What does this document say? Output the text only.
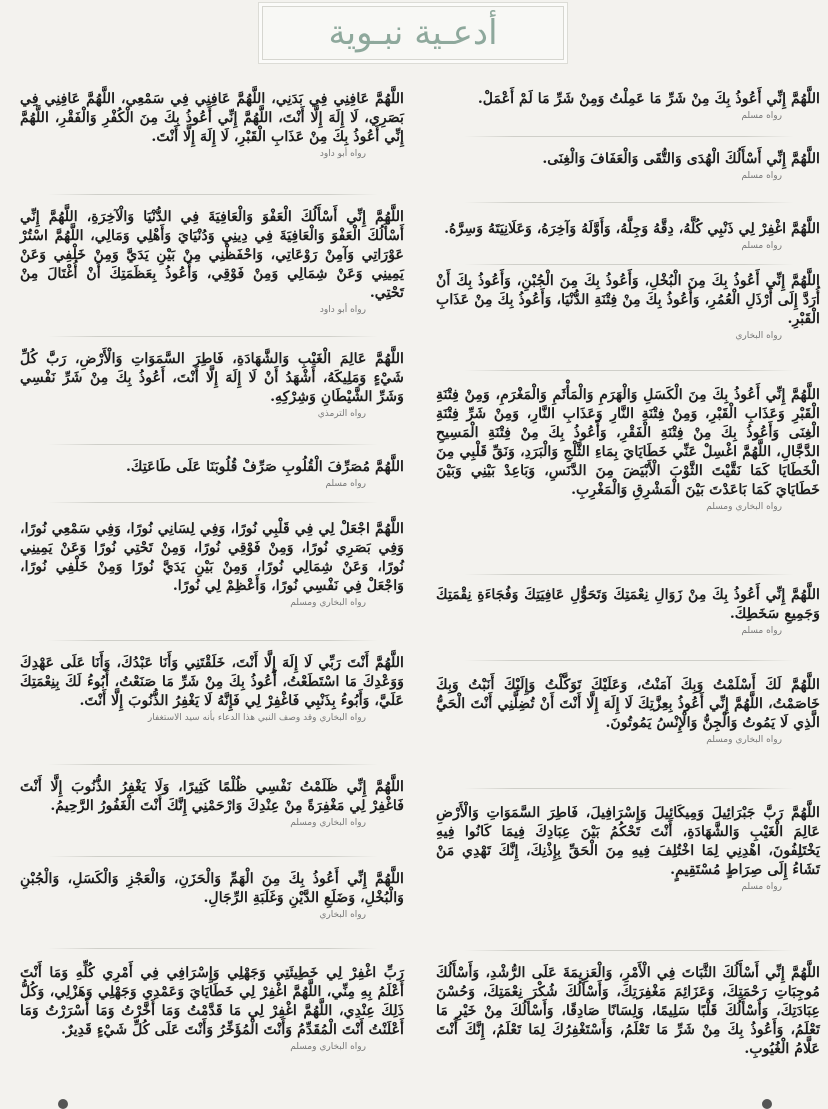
أدعـية نبـوية

اللَّهُمَّ إِنِّي أَعُوذُ بِكَ مِنْ شَرِّ مَا عَمِلْتُ وَمِنْ شَرِّ مَا لَمْ أَعْمَلْ.

رواه مسلم

اللَّهُمَّ إِنِّي أَسْأَلُكَ الْهُدَى وَالتُّقَى وَالْعَفَافَ وَالْغِنَى.

رواه مسلم

اللَّهُمَّ اغْفِرْ لِي ذَنْبِي كُلَّهُ، دِقَّهُ وَجِلَّهُ، وَأَوَّلَهُ وَآخِرَهُ، وَعَلَانِيَتَهُ وَسِرَّهُ.

رواه مسلم

اللَّهُمَّ إِنِّي أَعُوذُ بِكَ مِنَ الْبُخْلِ، وَأَعُوذُ بِكَ مِنَ الْجُبْنِ، وَأَعُوذُ بِكَ أَنْ أُرَدَّ إِلَى أَرْذَلِ الْعُمُرِ، وَأَعُوذُ بِكَ مِنْ فِتْنَةِ الدُّنْيَا، وَأَعُوذُ بِكَ مِنْ عَذَابِ الْقَبْرِ.

رواه البخاري

اللَّهُمَّ إِنِّي أَعُوذُ بِكَ مِنَ الْكَسَلِ وَالْهَرَمِ وَالْمَأْثَمِ وَالْمَغْرَمِ، وَمِنْ فِتْنَةِ الْقَبْرِ وَعَذَابِ الْقَبْرِ، وَمِنْ فِتْنَةِ النَّارِ وَعَذَابِ النَّارِ، وَمِنْ شَرِّ فِتْنَةِ الْغِنَى وَأَعُوذُ بِكَ مِنْ فِتْنَةِ الْفَقْرِ، وَأَعُوذُ بِكَ مِنْ فِتْنَةِ الْمَسِيحِ الدَّجَّالِ، اللَّهُمَّ اغْسِلْ عَنِّي خَطَايَايَ بِمَاءِ الثَّلْجِ وَالْبَرَدِ، وَنَقِّ قَلْبِي مِنَ الْخَطَايَا كَمَا نَقَّيْتَ الثَّوْبَ الْأَبْيَضَ مِنَ الدَّنَسِ، وَبَاعِدْ بَيْنِي وَبَيْنَ خَطَايَايَ كَمَا بَاعَدْتَ بَيْنَ الْمَشْرِقِ وَالْمَغْرِبِ.

رواه البخاري ومسلم

اللَّهُمَّ إِنِّي أَعُوذُ بِكَ مِنْ زَوَالِ نِعْمَتِكَ وَتَحَوُّلِ عَافِيَتِكَ وَفُجَاءَةِ نِقْمَتِكَ وَجَمِيعِ سَخَطِكَ.

رواه مسلم

اللَّهُمَّ لَكَ أَسْلَمْتُ وَبِكَ آمَنْتُ، وَعَلَيْكَ تَوَكَّلْتُ وَإِلَيْكَ أَنَبْتُ وَبِكَ خَاصَمْتُ، اللَّهُمَّ إِنِّي أَعُوذُ بِعِزَّتِكَ لَا إِلَهَ إِلَّا أَنْتَ أَنْ تُضِلَّنِي أَنْتَ الْحَيُّ الَّذِي لَا يَمُوتُ وَالْجِنُّ وَالْإِنْسُ يَمُوتُونَ.

رواه البخاري ومسلم

اللَّهُمَّ رَبَّ جَبْرَائِيلَ وَمِيكَائِيلَ وَإِسْرَافِيلَ، فَاطِرَ السَّمَوَاتِ وَالْأَرْضِ عَالِمَ الْغَيْبِ وَالشَّهَادَةِ، أَنْتَ تَحْكُمُ بَيْنَ عِبَادِكَ فِيمَا كَانُوا فِيهِ يَخْتَلِفُونَ، اهْدِنِي لِمَا اخْتُلِفَ فِيهِ مِنَ الْحَقِّ بِإِذْنِكَ، إِنَّكَ تَهْدِي مَنْ تَشَاءُ إِلَى صِرَاطٍ مُسْتَقِيمٍ.

رواه مسلم

اللَّهُمَّ إِنِّي أَسْأَلُكَ الثَّبَاتَ فِي الْأَمْرِ، وَالْعَزِيمَةَ عَلَى الرُّشْدِ، وَأَسْأَلُكَ مُوجِبَاتِ رَحْمَتِكَ، وَعَزَائِمَ مَغْفِرَتِكَ، وَأَسْأَلُكَ شُكْرَ نِعْمَتِكَ، وَحُسْنَ عِبَادَتِكَ، وَأَسْأَلُكَ قَلْبًا سَلِيمًا، وَلِسَانًا صَادِقًا، وَأَسْأَلُكَ مِنْ خَيْرِ مَا تَعْلَمُ، وَأَعُوذُ بِكَ مِنْ شَرِّ مَا تَعْلَمُ، وَأَسْتَغْفِرُكَ لِمَا تَعْلَمُ، إِنَّكَ أَنْتَ عَلَّامُ الْغُيُوبِ.

اللَّهُمَّ عَافِنِي فِي بَدَنِي، اللَّهُمَّ عَافِنِي فِي سَمْعِي، اللَّهُمَّ عَافِنِي فِي بَصَرِي، لَا إِلَهَ إِلَّا أَنْتَ، اللَّهُمَّ إِنِّي أَعُوذُ بِكَ مِنَ الْكُفْرِ وَالْفَقْرِ، اللَّهُمَّ إِنِّي أَعُوذُ بِكَ مِنْ عَذَابِ الْقَبْرِ، لَا إِلَهَ إِلَّا أَنْتَ.

رواه أبو داود

اللَّهُمَّ إِنِّي أَسْأَلُكَ الْعَفْوَ وَالْعَافِيَةَ فِي الدُّنْيَا وَالْآخِرَةِ، اللَّهُمَّ إِنِّي أَسْأَلُكَ الْعَفْوَ وَالْعَافِيَةَ فِي دِينِي وَدُنْيَايَ وَأَهْلِي وَمَالِي، اللَّهُمَّ اسْتُرْ عَوْرَاتِي وَآمِنْ رَوْعَاتِي، وَاحْفَظْنِي مِنْ بَيْنِ يَدَيَّ وَمِنْ خَلْفِي وَعَنْ يَمِينِي وَعَنْ شِمَالِي وَمِنْ فَوْقِي، وَأَعُوذُ بِعَظَمَتِكَ أَنْ أُغْتَالَ مِنْ تَحْتِي.

رواه أبو داود

اللَّهُمَّ عَالِمَ الْغَيْبِ وَالشَّهَادَةِ، فَاطِرَ السَّمَوَاتِ وَالْأَرْضِ، رَبَّ كُلِّ شَيْءٍ وَمَلِيكَهُ، أَشْهَدُ أَنْ لَا إِلَهَ إِلَّا أَنْتَ، أَعُوذُ بِكَ مِنْ شَرِّ نَفْسِي وَشَرِّ الشَّيْطَانِ وَشِرْكِهِ.

رواه الترمذي

اللَّهُمَّ مُصَرِّفَ الْقُلُوبِ صَرِّفْ قُلُوبَنَا عَلَى طَاعَتِكَ.

رواه مسلم

اللَّهُمَّ اجْعَلْ لِي فِي قَلْبِي نُورًا، وَفِي لِسَانِي نُورًا، وَفِي سَمْعِي نُورًا، وَفِي بَصَرِي نُورًا، وَمِنْ فَوْقِي نُورًا، وَمِنْ تَحْتِي نُورًا وَعَنْ يَمِينِي نُورًا، وَعَنْ شِمَالِي نُورًا، وَمِنْ بَيْنِ يَدَيَّ نُورًا وَمِنْ خَلْفِي نُورًا، وَاجْعَلْ فِي نَفْسِي نُورًا، وَأَعْظِمْ لِي نُورًا.

رواه البخاري ومسلم

اللَّهُمَّ أَنْتَ رَبِّي لَا إِلَهَ إِلَّا أَنْتَ، خَلَقْتَنِي وَأَنَا عَبْدُكَ، وَأَنَا عَلَى عَهْدِكَ وَوَعْدِكَ مَا اسْتَطَعْتُ، أَعُوذُ بِكَ مِنْ شَرِّ مَا صَنَعْتُ، أَبُوءُ لَكَ بِنِعْمَتِكَ عَلَيَّ، وَأَبُوءُ بِذَنْبِي فَاغْفِرْ لِي فَإِنَّهُ لَا يَغْفِرُ الذُّنُوبَ إِلَّا أَنْتَ.

رواه البخاري وقد وصف النبي هذا الدعاء بأنه سيد الاستغفار

اللَّهُمَّ إِنِّي ظَلَمْتُ نَفْسِي ظُلْمًا كَثِيرًا، وَلَا يَغْفِرُ الذُّنُوبَ إِلَّا أَنْتَ فَاغْفِرْ لِي مَغْفِرَةً مِنْ عِنْدِكَ وَارْحَمْنِي إِنَّكَ أَنْتَ الْغَفُورُ الرَّحِيمُ.

رواه البخاري ومسلم

اللَّهُمَّ إِنِّي أَعُوذُ بِكَ مِنَ الْهَمِّ وَالْحَزَنِ، وَالْعَجْزِ وَالْكَسَلِ، وَالْجُبْنِ وَالْبُخْلِ، وَضَلَعِ الدَّيْنِ وَغَلَبَةِ الرِّجَالِ.

رواه البخاري

رَبِّ اغْفِرْ لِي خَطِيئَتِي وَجَهْلِي وَإِسْرَافِي فِي أَمْرِي كُلِّهِ وَمَا أَنْتَ أَعْلَمُ بِهِ مِنِّي، اللَّهُمَّ اغْفِرْ لِي خَطَايَايَ وَعَمْدِي وَجَهْلِي وَهَزْلِي، وَكُلُّ ذَلِكَ عِنْدِي، اللَّهُمَّ اغْفِرْ لِي مَا قَدَّمْتُ وَمَا أَخَّرْتُ وَمَا أَسْرَرْتُ وَمَا أَعْلَنْتُ أَنْتَ الْمُقَدِّمُ وَأَنْتَ الْمُؤَخِّرُ وَأَنْتَ عَلَى كُلِّ شَيْءٍ قَدِيرٌ.

رواه البخاري ومسلم
